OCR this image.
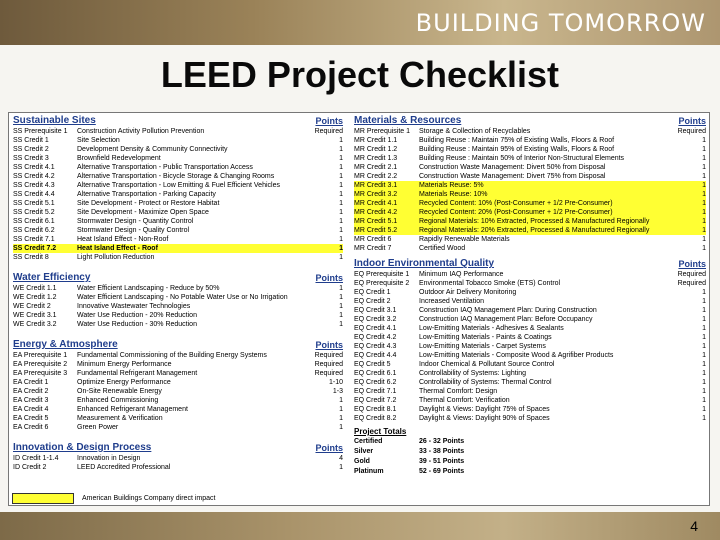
BUILDING TOMORROW
LEED Project Checklist
Sustainable Sites	Points
SS Prerequisite 1	Construction Activity Pollution Prevention	Required
SS Credit 1	Site Selection	1
SS Credit 2	Development Density & Community Connectivity	1
SS Credit 3	Brownfield Redevelopment	1
SS Credit 4.1	Alternative Transportation - Public Transportation Access	1
SS Credit 4.2	Alternative Transportation - Bicycle Storage & Changing Rooms	1
SS Credit 4.3	Alternative Transportation - Low Emitting & Fuel Efficient Vehicles	1
SS Credit 4.4	Alternative Transportation - Parking Capacity	1
SS Credit 5.1	Site Development - Protect or Restore Habitat	1
SS Credit 5.2	Site Development - Maximize Open Space	1
SS Credit 6.1	Stormwater Design - Quantity Control	1
SS Credit 6.2	Stormwater Design - Quality Control	1
SS Credit 7.1	Heat Island Effect - Non-Roof	1
SS Credit 7.2	Heat Island Effect - Roof	1
SS Credit 8	Light Pollution Reduction	1
Water Efficiency	Points
WE Credit 1.1	Water Efficient Landscaping - Reduce by 50%	1
WE Credit 1.2	Water Efficient Landscaping - No Potable Water Use or No Irrigation	1
WE Credit 2	Innovative Wastewater Technologies	1
WE Credit 3.1	Water Use Reduction - 20% Reduction	1
WE Credit 3.2	Water Use Reduction - 30% Reduction	1
Energy & Atmosphere	Points
EA Prerequisite 1	Fundamental Commissioning of the Building Energy Systems	Required
EA Prerequisite 2	Minimum Energy Performance	Required
EA Prerequisite 3	Fundamental Refrigerant Management	Required
EA Credit 1	Optimize Energy Performance	1-10
EA Credit 2	On-Site Renewable Energy	1-3
EA Credit 3	Enhanced Commissioning	1
EA Credit 4	Enhanced Refrigerant Management	1
EA Credit 5	Measurement & Verification	1
EA Credit 6	Green Power	1
Innovation & Design Process	Points
ID Credit 1-1.4	Innovation in Design	4
ID Credit 2	LEED Accredited Professional	1
Materials & Resources	Points
MR Prerequisite 1	Storage & Collection of Recyclables	Required
MR Credit 1.1	Building Reuse : Maintain 75% of Existing Walls, Floors & Roof	1
MR Credit 1.2	Building Reuse : Maintain 95% of Existing Walls, Floors & Roof	1
MR Credit 1.3	Building Reuse : Maintain 50% of Interior Non-Structural Elements	1
MR Credit 2.1	Construction Waste Management: Divert 50% from Disposal	1
MR Credit 2.2	Construction Waste Management: Divert 75% from Disposal	1
MR Credit 3.1	Materials Reuse: 5%	1
MR Credit 3.2	Materials Reuse: 10%	1
MR Credit 4.1	Recycled Content: 10% (Post-Consumer + 1/2 Pre-Consumer)	1
MR Credit 4.2	Recycled Content: 20% (Post-Consumer + 1/2 Pre-Consumer)	1
MR Credit 5.1	Regional Materials: 10% Extracted, Processed & Manufactured Regionally	1
MR Credit 5.2	Regional Materials: 20% Extracted, Processed & Manufactured Regionally	1
MR Credit 6	Rapidly Renewable Materials	1
MR Credit 7	Certified Wood	1
Indoor Environmental Quality	Points
EQ Prerequisite 1	Minimum IAQ Performance	Required
EQ Prerequisite 2	Environmental Tobacco Smoke (ETS) Control	Required
EQ Credit 1	Outdoor Air Delivery Monitoring	1
EQ Credit 2	Increased Ventilation	1
EQ Credit 3.1	Construction IAQ Management Plan: During Construction	1
EQ Credit 3.2	Construction IAQ Management Plan: Before Occupancy	1
EQ Credit 4.1	Low-Emitting Materials - Adhesives & Sealants	1
EQ Credit 4.2	Low-Emitting Materials - Paints & Coatings	1
EQ Credit 4.3	Low-Emitting Materials - Carpet Systems	1
EQ Credit 4.4	Low-Emitting Materials - Composite Wood & Agrifiber Products	1
EQ Credit 5	Indoor Chemical & Pollutant Source Control	1
EQ Credit 6.1	Controllability of Systems: Lighting	1
EQ Credit 6.2	Controllability of Systems: Thermal Control	1
EQ Credit 7.1	Thermal Comfort: Design	1
EQ Credit 7.2	Thermal Comfort: Verification	1
EQ Credit 8.1	Daylight & Views: Daylight 75% of Spaces	1
EQ Credit 8.2	Daylight & Views: Daylight 90% of Spaces	1
Project Totals
Certified	26 - 32 Points
Silver	33 - 38 Points
Gold	39 - 51 Points
Platinum	52 - 69 Points
American Buildings Company direct impact
4
